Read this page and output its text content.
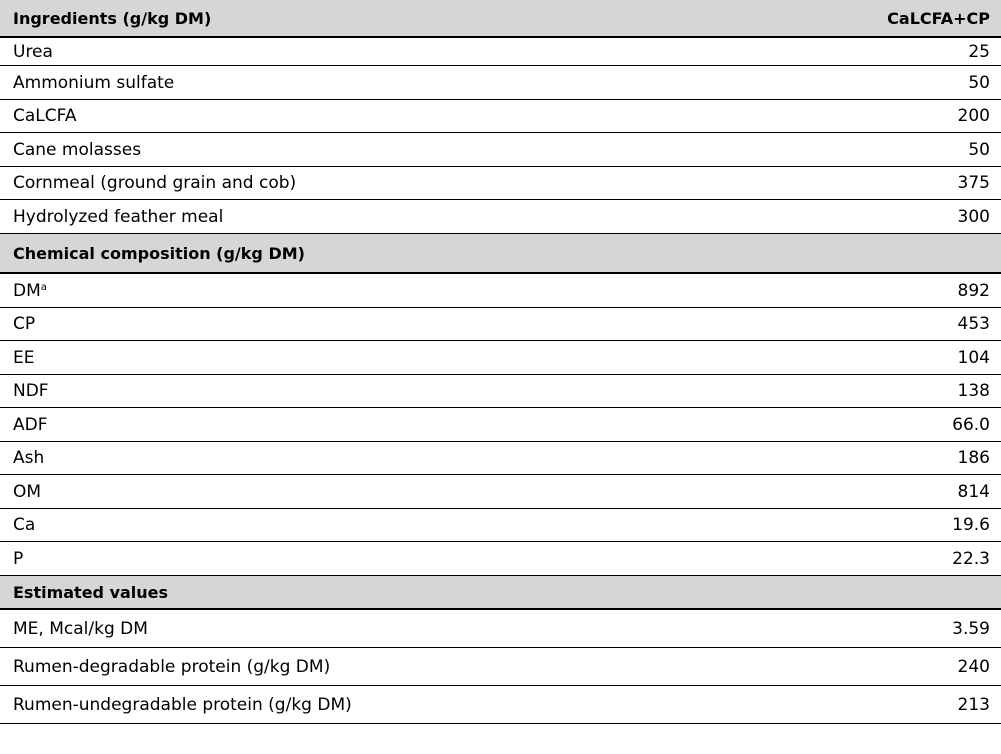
Ingredients (g/kg DM)	CaLCFA+CP
Urea	25
Ammonium sulfate	50
CaLCFA	200
Cane molasses	50
Cornmeal (ground grain and cob)	375
Hydrolyzed feather meal	300
Chemical composition (g/kg DM)
$DM^a$	892
CP	453
EE	104
NDF	138
ADF	66.0
Ash	186
OM	814
Ca	19.6
P	22.3
Estimated values
ME, Mcal/kg DM	3.59
Rumen-degradable protein (g/kg DM)	240
Rumen-undegradable protein (g/kg DM)	213
